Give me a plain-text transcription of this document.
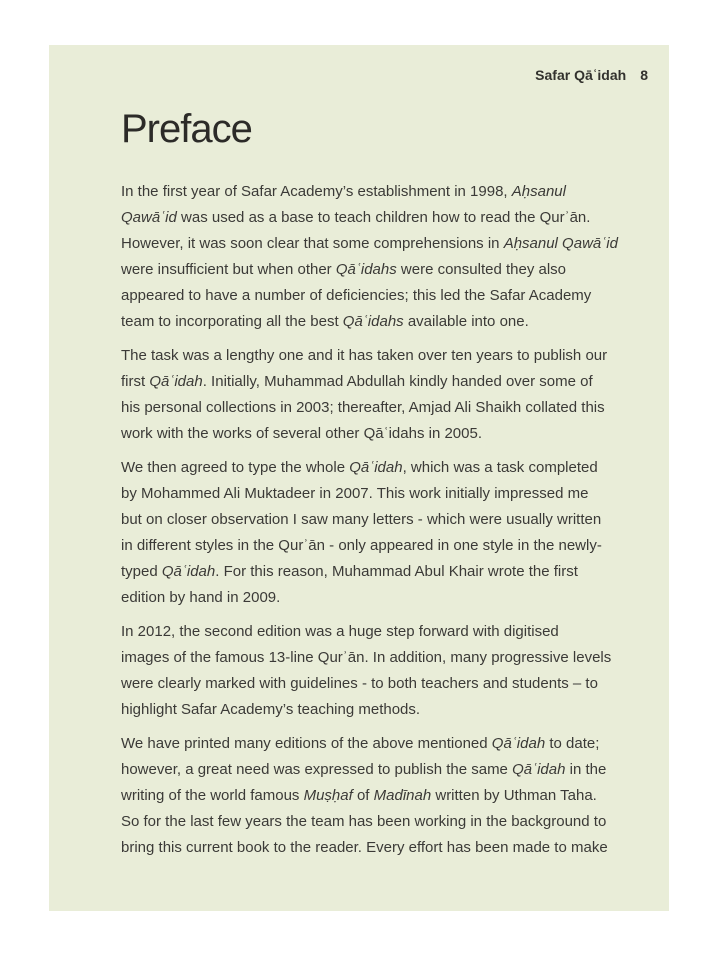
Safar Qāʿidah 8
Preface
In the first year of Safar Academy’s establishment in 1998, Aḥsanul
Qawāʿid was used as a base to teach children how to read the Qurʾān.
However, it was soon clear that some comprehensions in Aḥsanul Qawāʿid
were insufficient but when other Qāʿidahs were consulted they also
appeared to have a number of deficiencies; this led the Safar Academy
team to incorporating all the best Qāʿidahs available into one.
The task was a lengthy one and it has taken over ten years to publish our
first Qāʿidah. Initially, Muhammad Abdullah kindly handed over some of
his personal collections in 2003; thereafter, Amjad Ali Shaikh collated this
work with the works of several other Qāʿidahs in 2005.
We then agreed to type the whole Qāʿidah, which was a task completed
by Mohammed Ali Muktadeer in 2007. This work initially impressed me
but on closer observation I saw many letters - which were usually written
in different styles in the Qurʾān - only appeared in one style in the newly-
typed Qāʿidah. For this reason, Muhammad Abul Khair wrote the first
edition by hand in 2009.
In 2012, the second edition was a huge step forward with digitised
images of the famous 13-line Qurʾān. In addition, many progressive levels
were clearly marked with guidelines - to both teachers and students – to
highlight Safar Academy’s teaching methods.
We have printed many editions of the above mentioned Qāʿidah to date;
however, a great need was expressed to publish the same Qāʿidah in the
writing of the world famous Muṣḥaf of Madīnah written by Uthman Taha.
So for the last few years the team has been working in the background to
bring this current book to the reader. Every effort has been made to make
